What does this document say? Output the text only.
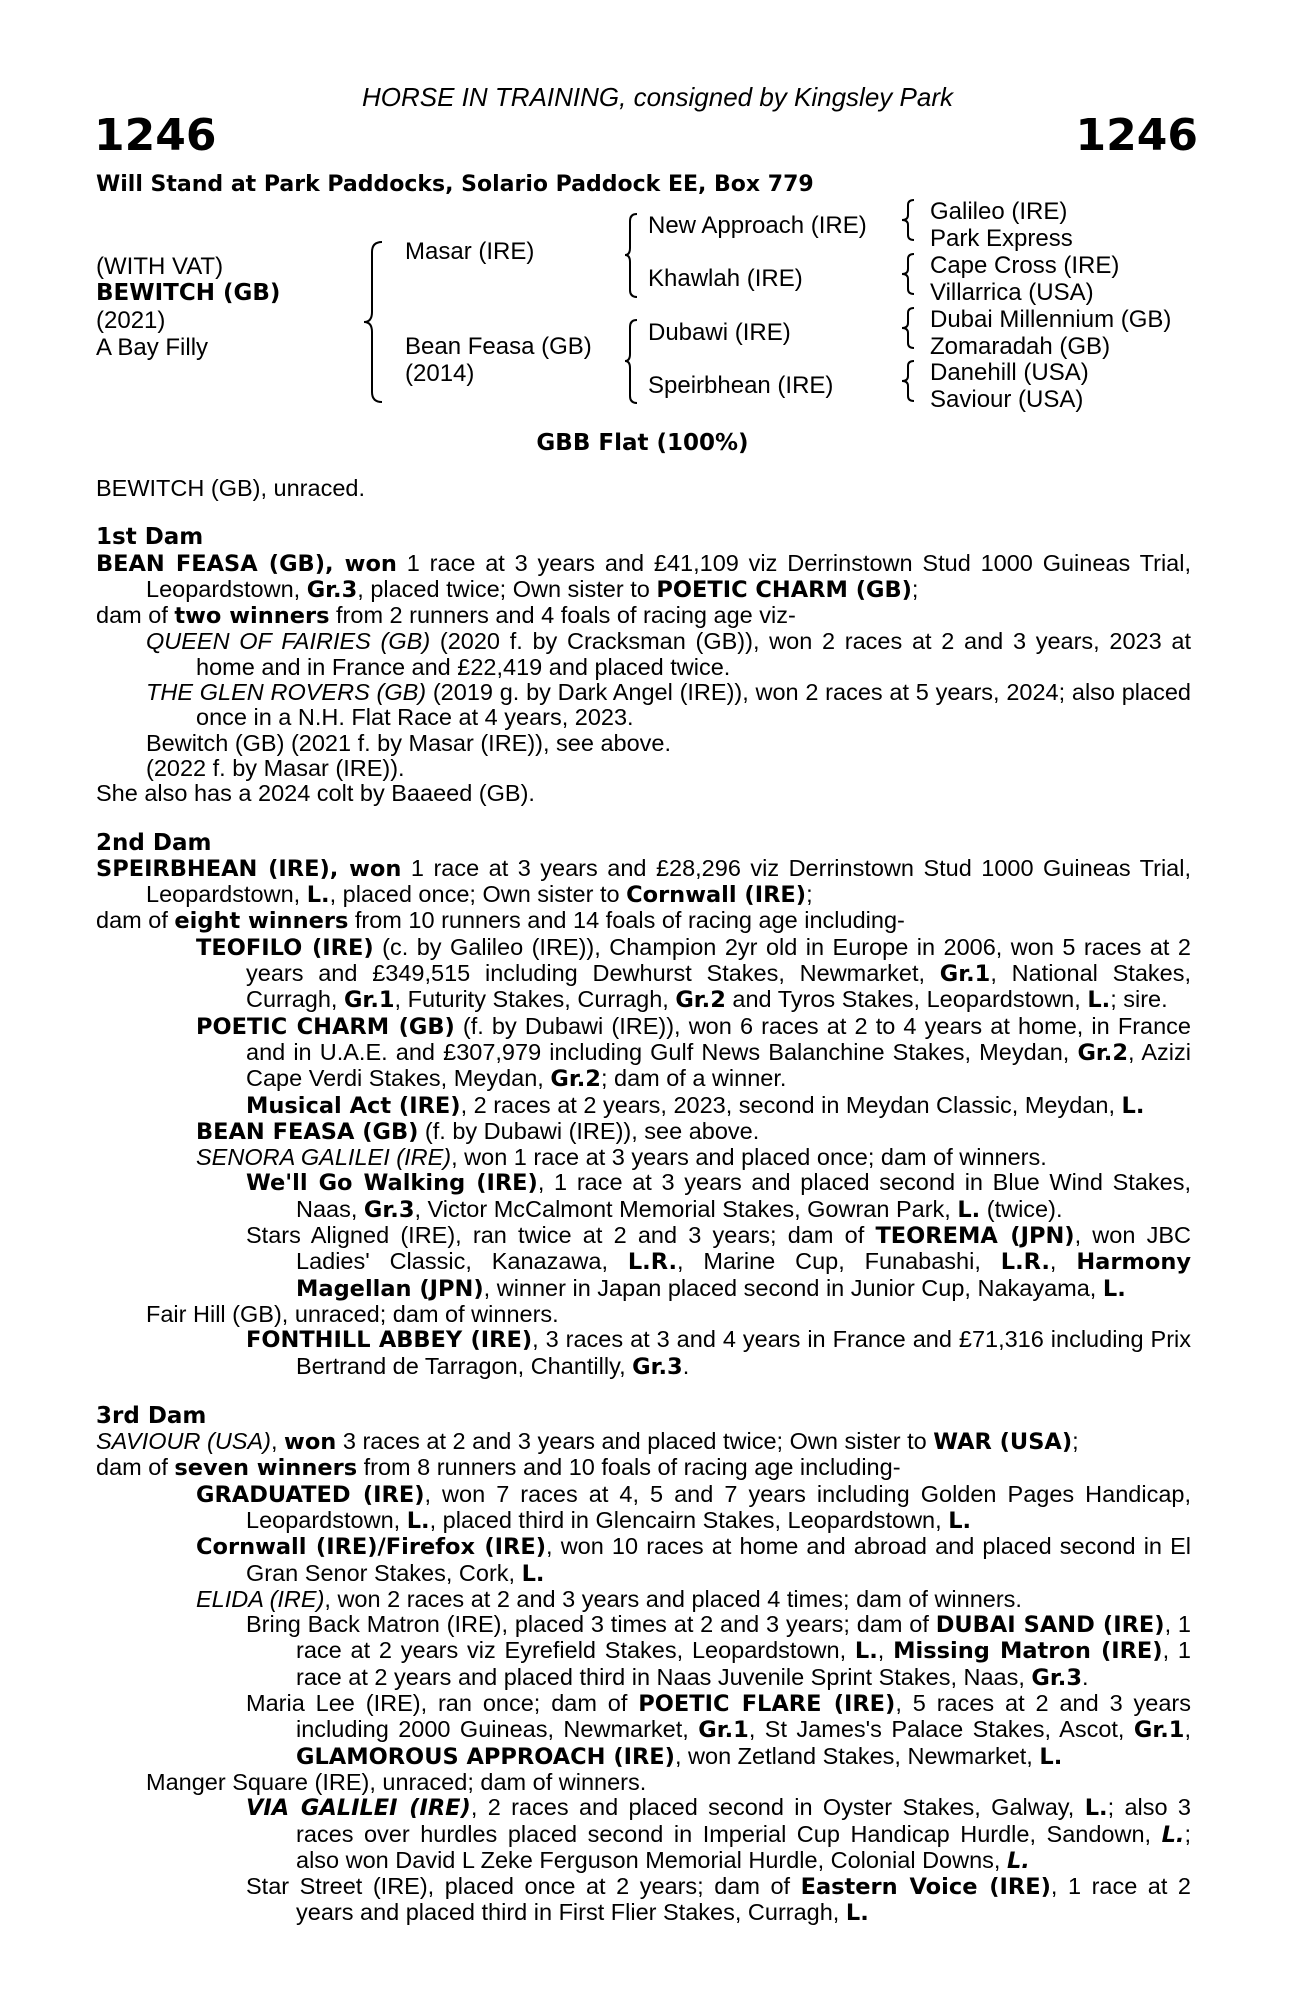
HORSE IN TRAINING, consigned by Kingsley Park
1246	1246
Will Stand at Park Paddocks, Solario Paddock EE, Box 779
(WITH VAT)
BEWITCH (GB)
(2021)
A Bay Filly
Masar (IRE)
Bean Feasa (GB)
(2014)
New Approach (IRE)
Khawlah (IRE)
Dubawi (IRE)
Speirbhean (IRE)
Galileo (IRE)
Park Express
Cape Cross (IRE)
Villarrica (USA)
Dubai Millennium (GB)
Zomaradah (GB)
Danehill (USA)
Saviour (USA)
GBB Flat (100%)

BEWITCH (GB), unraced.

1st Dam

BEAN FEASA (GB), won 1 race at 3 years and £41,109 viz Derrinstown Stud 1000 Guineas Trial, Leopardstown, Gr.3, placed twice; Own sister to POETIC CHARM (GB);

dam of two winners from 2 runners and 4 foals of racing age viz-

QUEEN OF FAIRIES (GB) (2020 f. by Cracksman (GB)), won 2 races at 2 and 3 years, 2023 at home and in France and £22,419 and placed twice.

THE GLEN ROVERS (GB) (2019 g. by Dark Angel (IRE)), won 2 races at 5 years, 2024; also placed once in a N.H. Flat Race at 4 years, 2023.

Bewitch (GB) (2021 f. by Masar (IRE)), see above.

(2022 f. by Masar (IRE)).

She also has a 2024 colt by Baaeed (GB).

2nd Dam

SPEIRBHEAN (IRE), won 1 race at 3 years and £28,296 viz Derrinstown Stud 1000 Guineas Trial, Leopardstown, L., placed once; Own sister to Cornwall (IRE);

dam of eight winners from 10 runners and 14 foals of racing age including-

TEOFILO (IRE) (c. by Galileo (IRE)), Champion 2yr old in Europe in 2006, won 5 races at 2 years and £349,515 including Dewhurst Stakes, Newmarket, Gr.1, National Stakes, Curragh, Gr.1, Futurity Stakes, Curragh, Gr.2 and Tyros Stakes, Leopardstown, L.; sire.

POETIC CHARM (GB) (f. by Dubawi (IRE)), won 6 races at 2 to 4 years at home, in France and in U.A.E. and £307,979 including Gulf News Balanchine Stakes, Meydan, Gr.2, Azizi Cape Verdi Stakes, Meydan, Gr.2; dam of a winner.

Musical Act (IRE), 2 races at 2 years, 2023, second in Meydan Classic, Meydan, L.

BEAN FEASA (GB) (f. by Dubawi (IRE)), see above.

SENORA GALILEI (IRE), won 1 race at 3 years and placed once; dam of winners.

We'll Go Walking (IRE), 1 race at 3 years and placed second in Blue Wind Stakes, Naas, Gr.3, Victor McCalmont Memorial Stakes, Gowran Park, L. (twice).

Stars Aligned (IRE), ran twice at 2 and 3 years; dam of TEOREMA (JPN), won JBC Ladies' Classic, Kanazawa, L.R., Marine Cup, Funabashi, L.R., Harmony Magellan (JPN), winner in Japan placed second in Junior Cup, Nakayama, L.

Fair Hill (GB), unraced; dam of winners.

FONTHILL ABBEY (IRE), 3 races at 3 and 4 years in France and £71,316 including Prix Bertrand de Tarragon, Chantilly, Gr.3.

3rd Dam

SAVIOUR (USA), won 3 races at 2 and 3 years and placed twice; Own sister to WAR (USA);

dam of seven winners from 8 runners and 10 foals of racing age including-

GRADUATED (IRE), won 7 races at 4, 5 and 7 years including Golden Pages Handicap, Leopardstown, L., placed third in Glencairn Stakes, Leopardstown, L.

Cornwall (IRE)/Firefox (IRE), won 10 races at home and abroad and placed second in El Gran Senor Stakes, Cork, L.

ELIDA (IRE), won 2 races at 2 and 3 years and placed 4 times; dam of winners.

Bring Back Matron (IRE), placed 3 times at 2 and 3 years; dam of DUBAI SAND (IRE), 1 race at 2 years viz Eyrefield Stakes, Leopardstown, L., Missing Matron (IRE), 1 race at 2 years and placed third in Naas Juvenile Sprint Stakes, Naas, Gr.3.

Maria Lee (IRE), ran once; dam of POETIC FLARE (IRE), 5 races at 2 and 3 years including 2000 Guineas, Newmarket, Gr.1, St James's Palace Stakes, Ascot, Gr.1, GLAMOROUS APPROACH (IRE), won Zetland Stakes, Newmarket, L.

Manger Square (IRE), unraced; dam of winners.

VIA GALILEI (IRE), 2 races and placed second in Oyster Stakes, Galway, L.; also 3 races over hurdles placed second in Imperial Cup Handicap Hurdle, Sandown, L.; also won David L Zeke Ferguson Memorial Hurdle, Colonial Downs, L.

Star Street (IRE), placed once at 2 years; dam of Eastern Voice (IRE), 1 race at 2 years and placed third in First Flier Stakes, Curragh, L.
